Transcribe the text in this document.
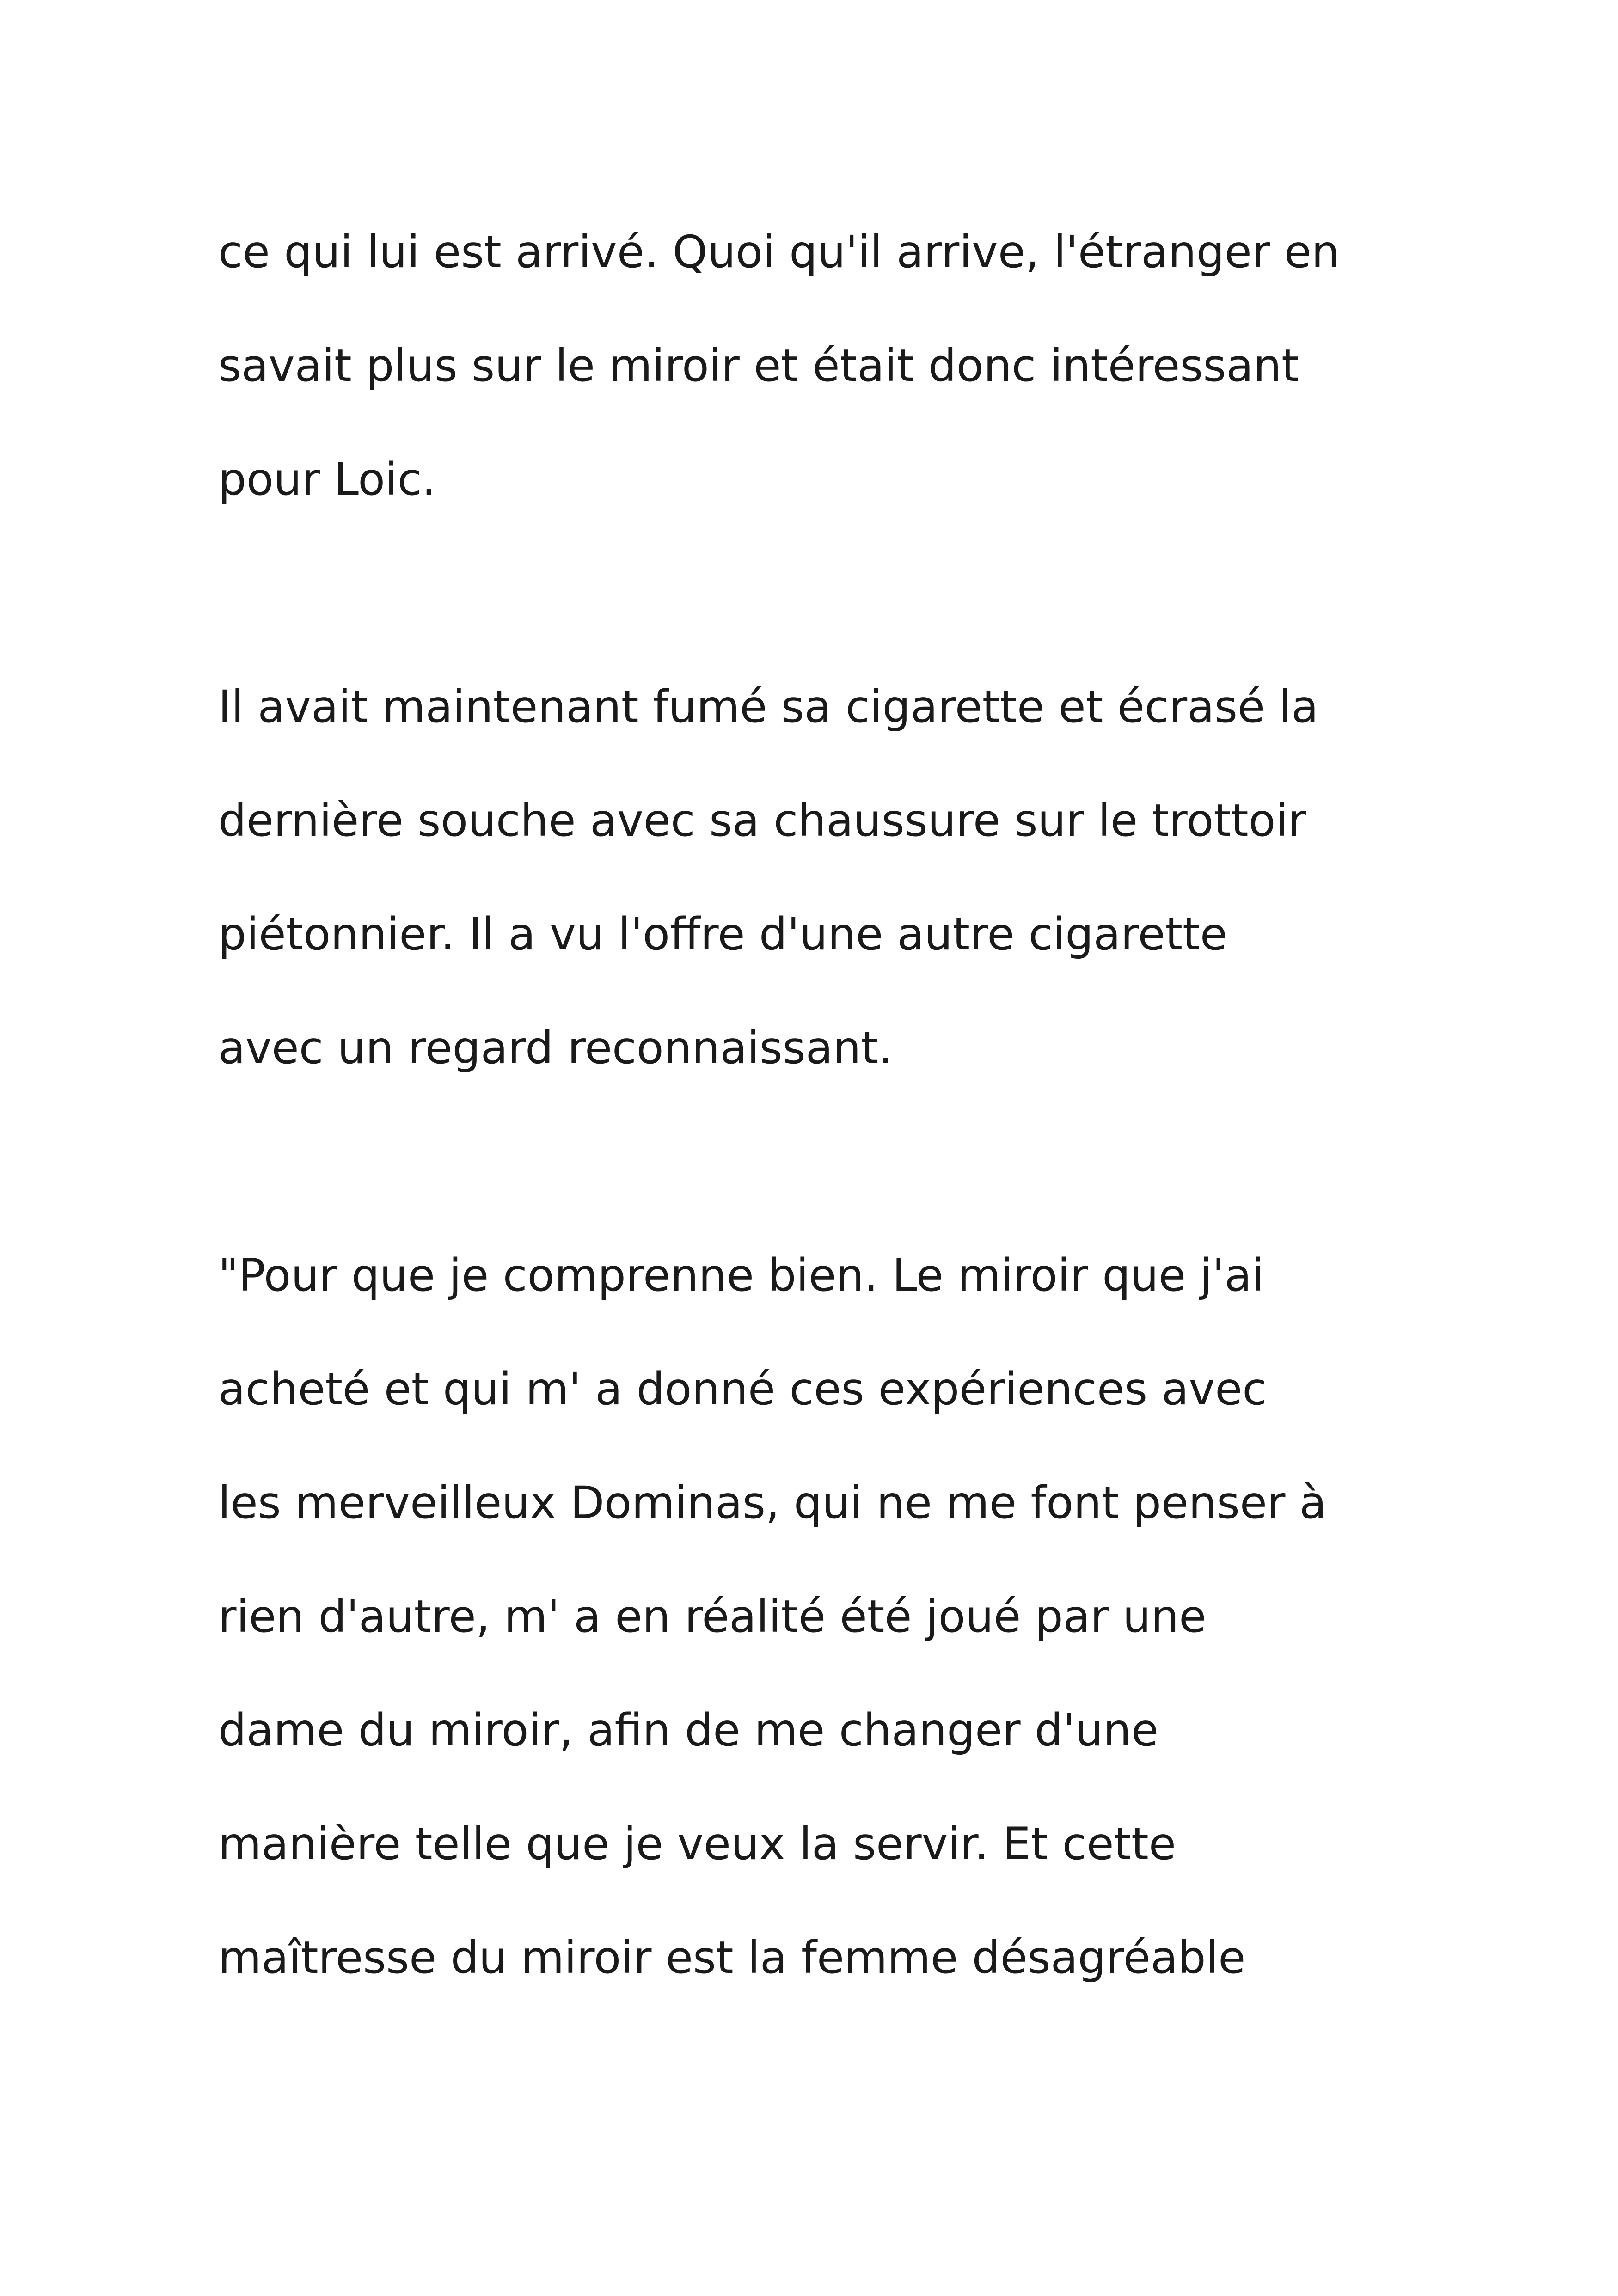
ce qui lui est arrivé. Quoi qu'il arrive, l'étranger en
savait plus sur le miroir et était donc intéressant
pour Loic.
Il avait maintenant fumé sa cigarette et écrasé la
dernière souche avec sa chaussure sur le trottoir
piétonnier. Il a vu l'offre d'une autre cigarette
avec un regard reconnaissant.
"Pour que je comprenne bien. Le miroir que j'ai
acheté et qui m' a donné ces expériences avec
les merveilleux Dominas, qui ne me font penser à
rien d'autre, m' a en réalité été joué par une
dame du miroir, afin de me changer d'une
manière telle que je veux la servir. Et cette
maîtresse du miroir est la femme désagréable
